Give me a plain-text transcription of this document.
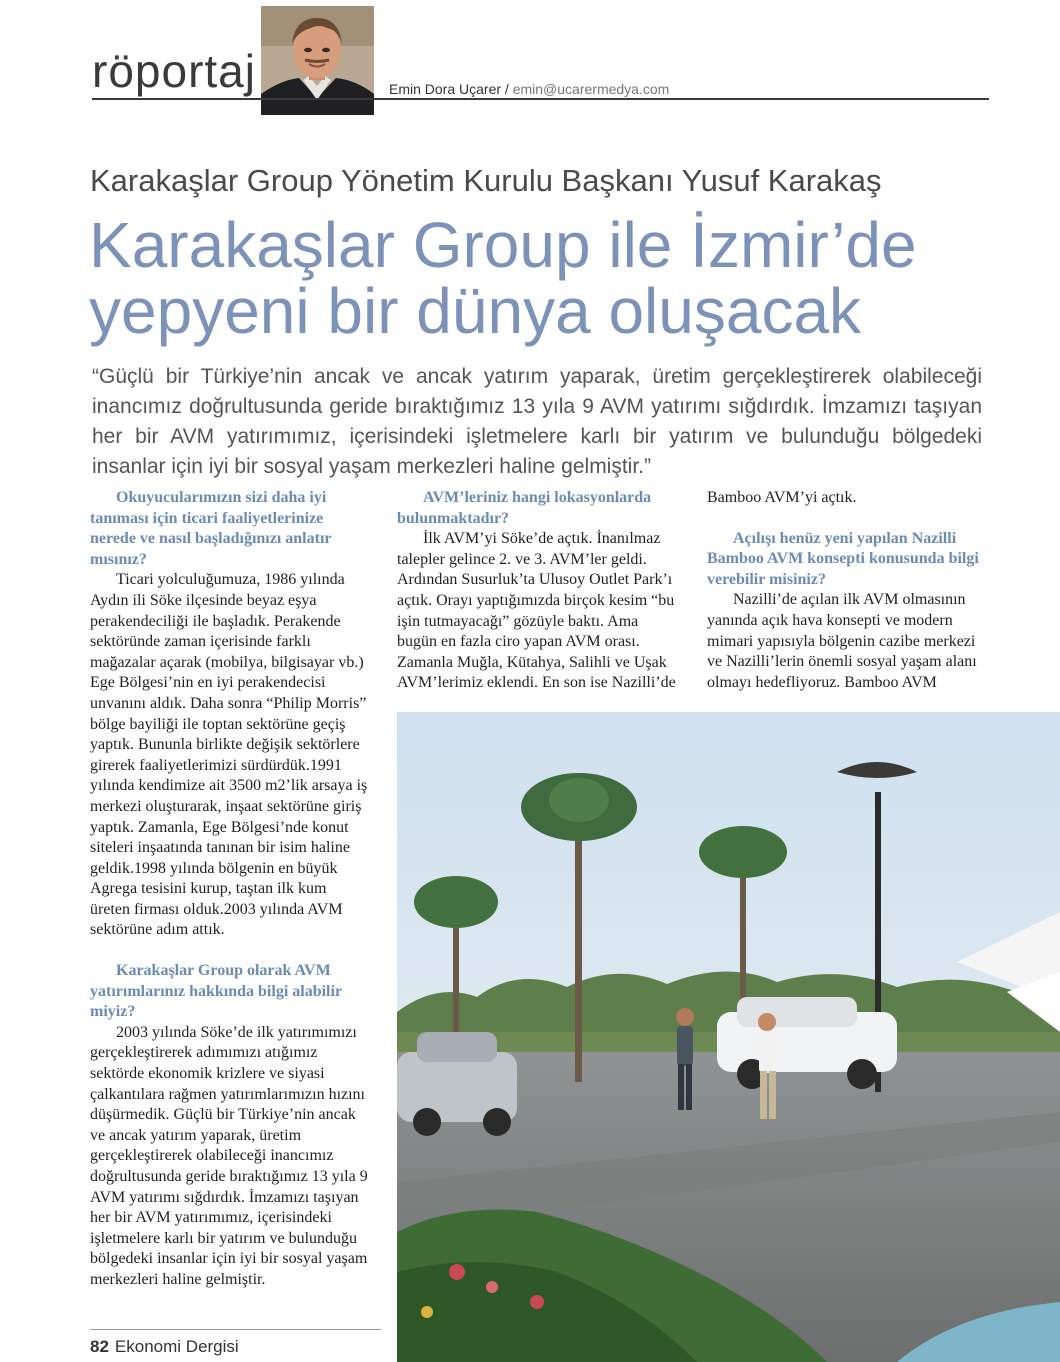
röportaj	Emin Dora Uçarer / emin@ucarermedya.com
Karakaşlar Group Yönetim Kurulu Başkanı Yusuf Karakaş
Karakaşlar Group ile İzmir’de
yepyeni bir dünya oluşacak
“Güçlü bir Türkiye’nin ancak ve ancak yatırım yaparak, üretim gerçekleştirerek olabileceği inancımız doğrultusunda geride bıraktığımız 13 yıla 9 AVM yatırımı sığdırdık. İmzamızı taşıyan her bir AVM yatırımımız, içerisindeki işletmelere karlı bir yatırım ve bulunduğu bölgedeki insanlar için iyi bir sosyal yaşam merkezleri haline gelmiştir.”

Okuyucularımızın sizi daha iyi tanıması için ticari faaliyetlerinize nerede ve nasıl başladığınızı anlatır mısınız?

Ticari yolculuğumuza, 1986 yılında Aydın ili Söke ilçesinde beyaz eşya perakendeciliği ile başladık. Perakende sektöründe zaman içerisinde farklı mağazalar açarak (mobilya, bilgisayar vb.) Ege Bölgesi’nin en iyi perakendecisi unvanını aldık. Daha sonra “Philip Morris” bölge bayiliği ile toptan sektörüne geçiş yaptık. Bununla birlikte değişik sektörlere girerek faaliyetlerimizi sürdürdük.1991 yılında kendimize ait 3500 m2’lik arsaya iş merkezi oluşturarak, inşaat sektörüne giriş yaptık. Zamanla, Ege Bölgesi’nde konut siteleri inşaatında tanınan bir isim haline geldik.1998 yılında bölgenin en büyük Agrega tesisini kurup, taştan ilk kum üreten firması olduk.2003 yılında AVM sektörüne adım attık.

Karakaşlar Group olarak AVM yatırımlarınız hakkında bilgi alabilir miyiz?

2003 yılında Söke’de ilk yatırımımızı gerçekleştirerek adımımızı atığımız sektörde ekonomik krizlere ve siyasi çalkantılara rağmen yatırımlarımızın hızını düşürmedik. Güçlü bir Türkiye’nin ancak ve ancak yatırım yaparak, üretim gerçekleştirerek olabileceği inancımız doğrultusunda geride bıraktığımız 13 yıla 9 AVM yatırımı sığdırdık. İmzamızı taşıyan her bir AVM yatırımımız, içerisindeki işletmelere karlı bir yatırım ve bulunduğu bölgedeki insanlar için iyi bir sosyal yaşam merkezleri haline gelmiştir.

AVM’leriniz hangi lokasyonlarda bulunmaktadır?

İlk AVM’yi Söke’de açtık. İnanılmaz talepler gelince 2. ve 3. AVM’ler geldi. Ardından Susurluk’ta Ulusoy Outlet Park’ı açtık. Orayı yaptığımızda birçok kesim “bu işin tutmayacağı” gözüyle baktı. Ama bugün en fazla ciro yapan AVM orası. Zamanla Muğla, Kütahya, Salihli ve Uşak AVM’lerimiz eklendi. En son ise Nazilli’de

Bamboo AVM’yi açtık.

Açılışı henüz yeni yapılan Nazilli Bamboo AVM konsepti konusunda bilgi verebilir misiniz?

Nazilli’de açılan ilk AVM olmasının yanında açık hava konsepti ve modern mimari yapısıyla bölgenin cazibe merkezi ve Nazilli’lerin önemli sosyal yaşam alanı olmayı hedefliyoruz. Bamboo AVM

82 Ekonomi Dergisi
